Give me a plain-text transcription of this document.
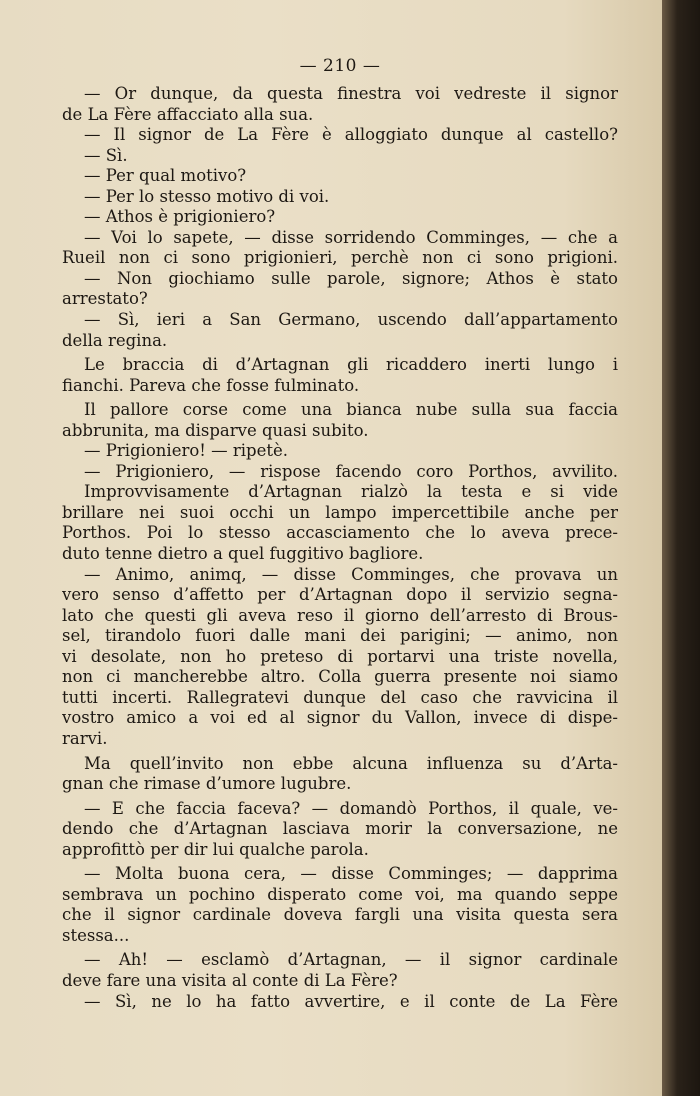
— 210 —
— Or dunque, da questa finestra voi vedreste il signor
de La Fère affacciato alla sua.
— Il signor de La Fère è alloggiato dunque al castello?
— Sì.
— Per qual motivo?
— Per lo stesso motivo di voi.
— Athos è prigioniero?
— Voi lo sapete, — disse sorridendo Comminges, — che a
Rueil non ci sono prigionieri, perchè non ci sono prigioni.
— Non giochiamo sulle parole, signore; Athos è stato
arrestato?
— Sì, ieri a San Germano, uscendo dall’appartamento
della regina.
Le braccia di d’Artagnan gli ricaddero inerti lungo i
fianchi. Pareva che fosse fulminato.
Il pallore corse come una bianca nube sulla sua faccia
abbrunita, ma disparve quasi subito.
— Prigioniero! — ripetè.
— Prigioniero, — rispose facendo coro Porthos, avvilito.
Improvvisamente d’Artagnan rialzò la testa e si vide
brillare nei suoi occhi un lampo impercettibile anche per
Porthos. Poi lo stesso accasciamento che lo aveva prece-
duto tenne dietro a quel fuggitivo bagliore.
— Animo, animq, — disse Comminges, che provava un
vero senso d’affetto per d’Artagnan dopo il servizio segna-
lato che questi gli aveva reso il giorno dell’arresto di Brous-
sel, tirandolo fuori dalle mani dei parigini; — animo, non
vi desolate, non ho preteso di portarvi una triste novella,
non ci mancherebbe altro. Colla guerra presente noi siamo
tutti incerti. Rallegratevi dunque del caso che ravvicina il
vostro amico a voi ed al signor du Vallon, invece di dispe-
rarvi.
Ma quell’invito non ebbe alcuna influenza su d’Arta-
gnan che rimase d’umore lugubre.
— E che faccia faceva? — domandò Porthos, il quale, ve-
dendo che d’Artagnan lasciava morir la conversazione, ne
approfittò per dir lui qualche parola.
— Molta buona cera, — disse Comminges; — dapprima
sembrava un pochino disperato come voi, ma quando seppe
che il signor cardinale doveva fargli una visita questa sera
stessa...
— Ah! — esclamò d’Artagnan, — il signor cardinale
deve fare una visita al conte di La Fère?
— Sì, ne lo ha fatto avvertire, e il conte de La Fère
